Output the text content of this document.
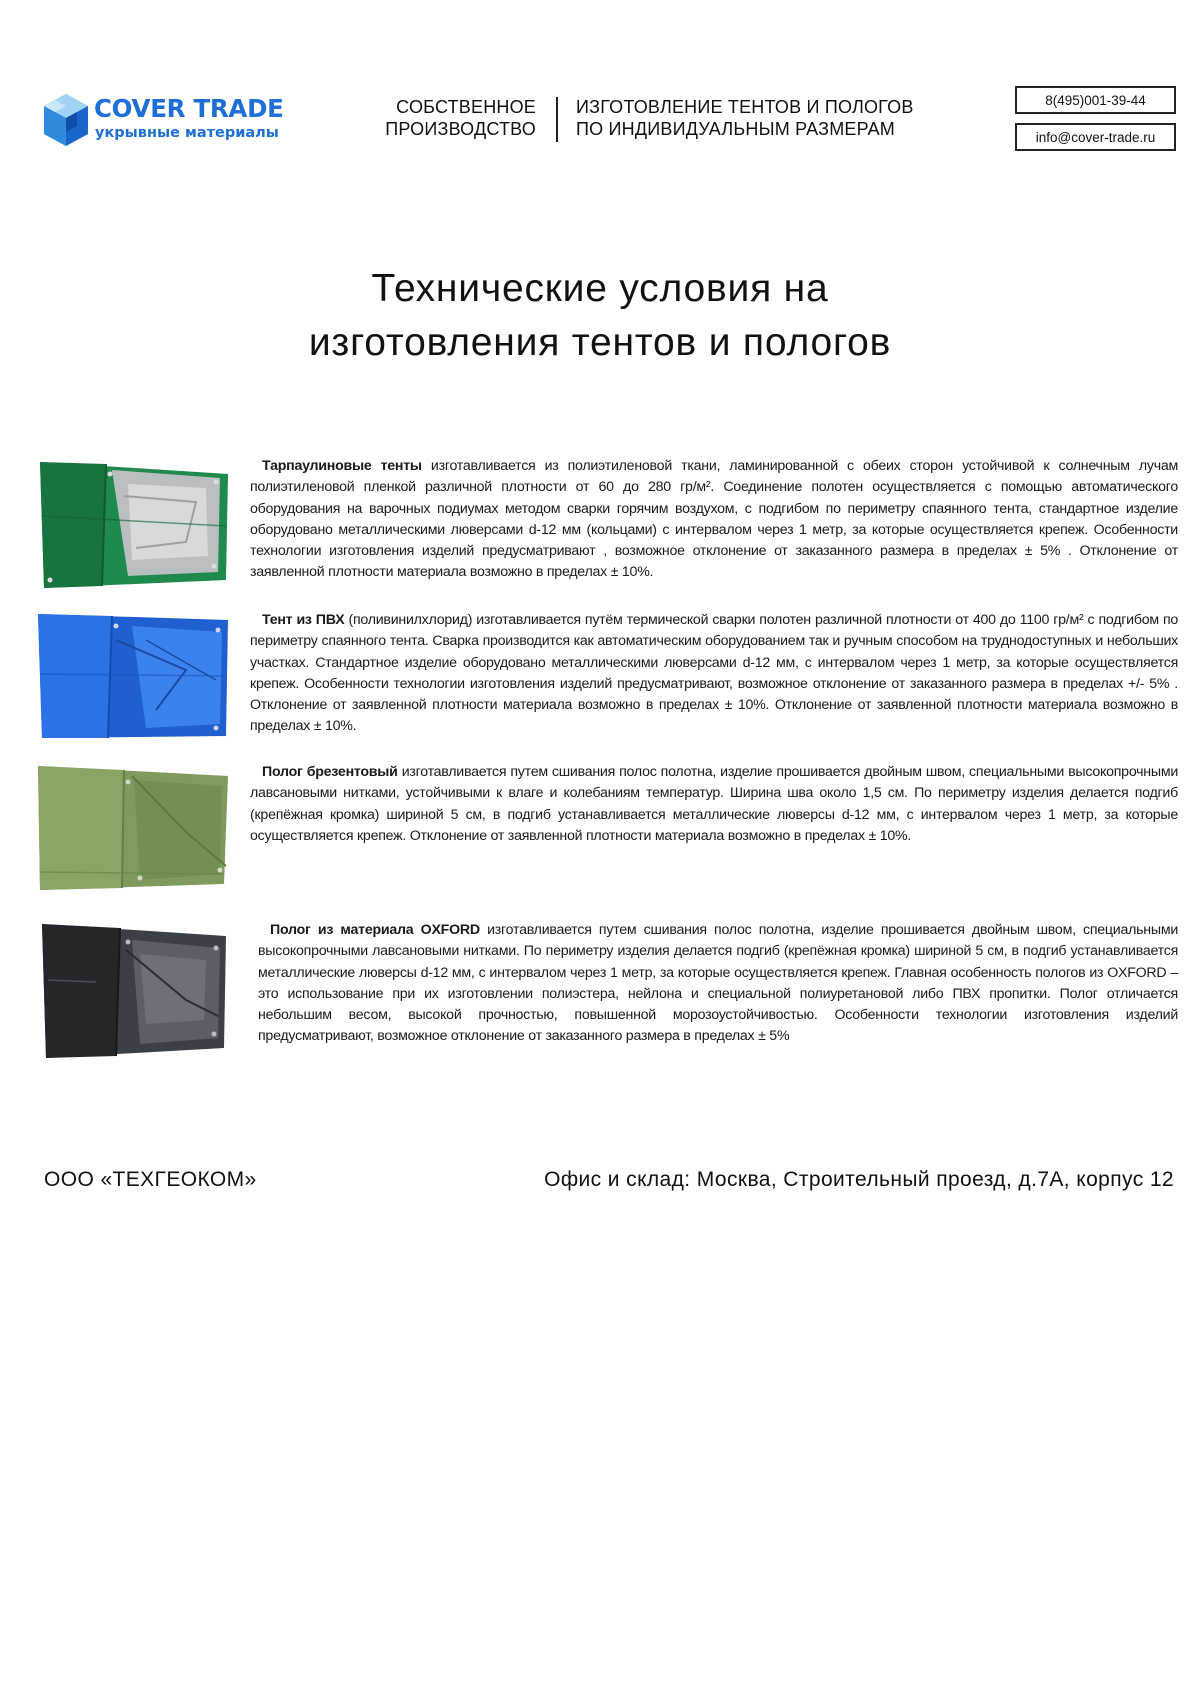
COVER TRADE
укрывные материалы
СОБСТВЕННОЕ
ПРОИЗВОДСТВО
ИЗГОТОВЛЕНИЕ ТЕНТОВ И ПОЛОГОВ
ПО ИНДИВИДУАЛЬНЫМ РАЗМЕРАМ
8(495)001-39-44
info@cover-trade.ru
Технические условия на
изготовления тентов и пологов

Тарпаулиновые тенты изготавливается из полиэтиленовой ткани, ламинированной с обеих сторон устойчивой к солнечным лучам полиэтиленовой пленкой различной плотности от 60 до 280 гр/м². Соединение полотен осуществляется с помощью автоматического оборудования на варочных подиумах методом сварки горячим воздухом, с подгибом по периметру спаянного тента, стандартное изделие оборудовано металлическими люверсами d-12 мм (кольцами) с интервалом через 1 метр, за которые осуществляется крепеж. Особенности технологии изготовления изделий предусматривают , возможное отклонение от заказанного размера в пределах ± 5% . Отклонение от заявленной плотности материала возможно в пределах ± 10%.

Тент из ПВХ (поливинилхлорид) изготавливается путём термической сварки полотен различной плотности от 400 до 1100 гр/м² с подгибом по периметру спаянного тента. Сварка производится как автоматическим оборудованием так и ручным способом на труднодоступных и небольших участках. Стандартное изделие оборудовано металлическими люверсами d-12 мм, с интервалом через 1 метр, за которые осуществляется крепеж. Особенности технологии изготовления изделий предусматривают, возможное отклонение от заказанного размера в пределах +/- 5% . Отклонение от заявленной плотности материала возможно в пределах ± 10%. Отклонение от заявленной плотности материала возможно в пределах ± 10%.

Полог брезентовый изготавливается путем сшивания полос полотна, изделие прошивается двойным швом, специальными высокопрочными лавсановыми нитками, устойчивыми к влаге и колебаниям температур. Ширина шва около 1,5 см. По периметру изделия делается подгиб (крепёжная кромка) шириной 5 см, в подгиб устанавливается металлические люверсы d-12 мм, с интервалом через 1 метр, за которые осуществляется крепеж. Отклонение от заявленной плотности материала возможно в пределах ± 10%.

Полог из материала OXFORD изготавливается путем сшивания полос полотна, изделие прошивается двойным швом, специальными высокопрочными лавсановыми нитками. По периметру изделия делается подгиб (крепёжная кромка) шириной 5 см, в подгиб устанавливается металлические люверсы d-12 мм, с интервалом через 1 метр, за которые осуществляется крепеж. Главная особенность пологов из OXFORD – это использование при их изготовлении полиэстера, нейлона и специальной полиуретановой либо ПВХ пропитки. Полог отличается небольшим весом, высокой прочностью, повышенной морозоустойчивостью. Особенности технологии изготовления изделий предусматривают, возможное отклонение от заказанного размера в пределах ± 5%

ООО «ТЕХГЕОКОМ»	Офис и склад: Москва, Строительный проезд, д.7А, корпус 12
